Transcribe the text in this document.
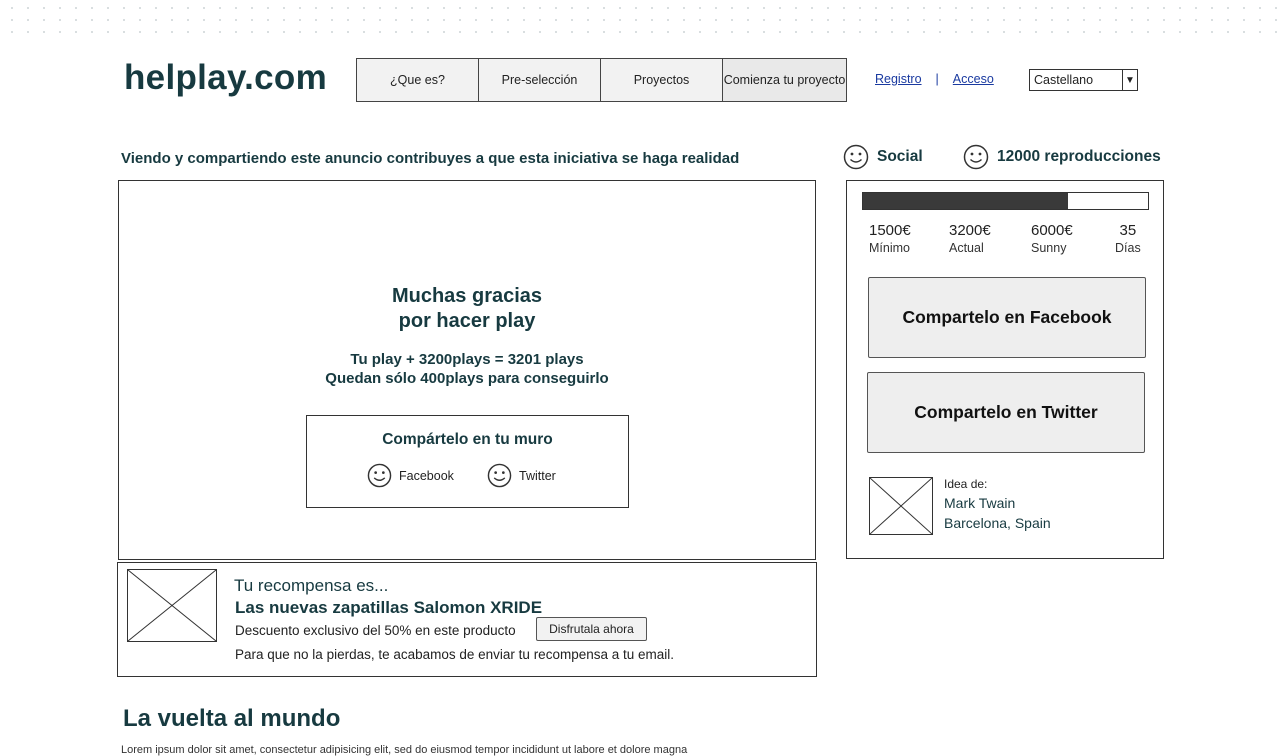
helplay.com	¿Que es?	Pre-selección	Proyectos	Comienza tu proyecto Registro | Acceso	Castellano	▼
Viendo y compartiendo este anuncio contribuyes a que esta iniciativa se haga realidad	Social	12000 reproducciones
Muchas gracias
por hacer play
Tu play + 3200plays = 3201 plays
Quedan sólo 400plays para conseguirlo
Compártelo en tu muro
Facebook	Twitter
Tu recompensa es...
Las nuevas zapatillas Salomon XRIDE
Descuento exclusivo del 50% en este producto	Disfrutala ahora
Para que no la pierdas, te acabamos de enviar tu recompensa a tu email.
1500€
Mínimo
3200€
Actual
6000€
Sunny
35
Días
Compartelo en Facebook
Compartelo en Twitter
Idea de:
Mark Twain
Barcelona, Spain
La vuelta al mundo
Lorem ipsum dolor sit amet, consectetur adipisicing elit, sed do eiusmod tempor incididunt ut labore et dolore magna
